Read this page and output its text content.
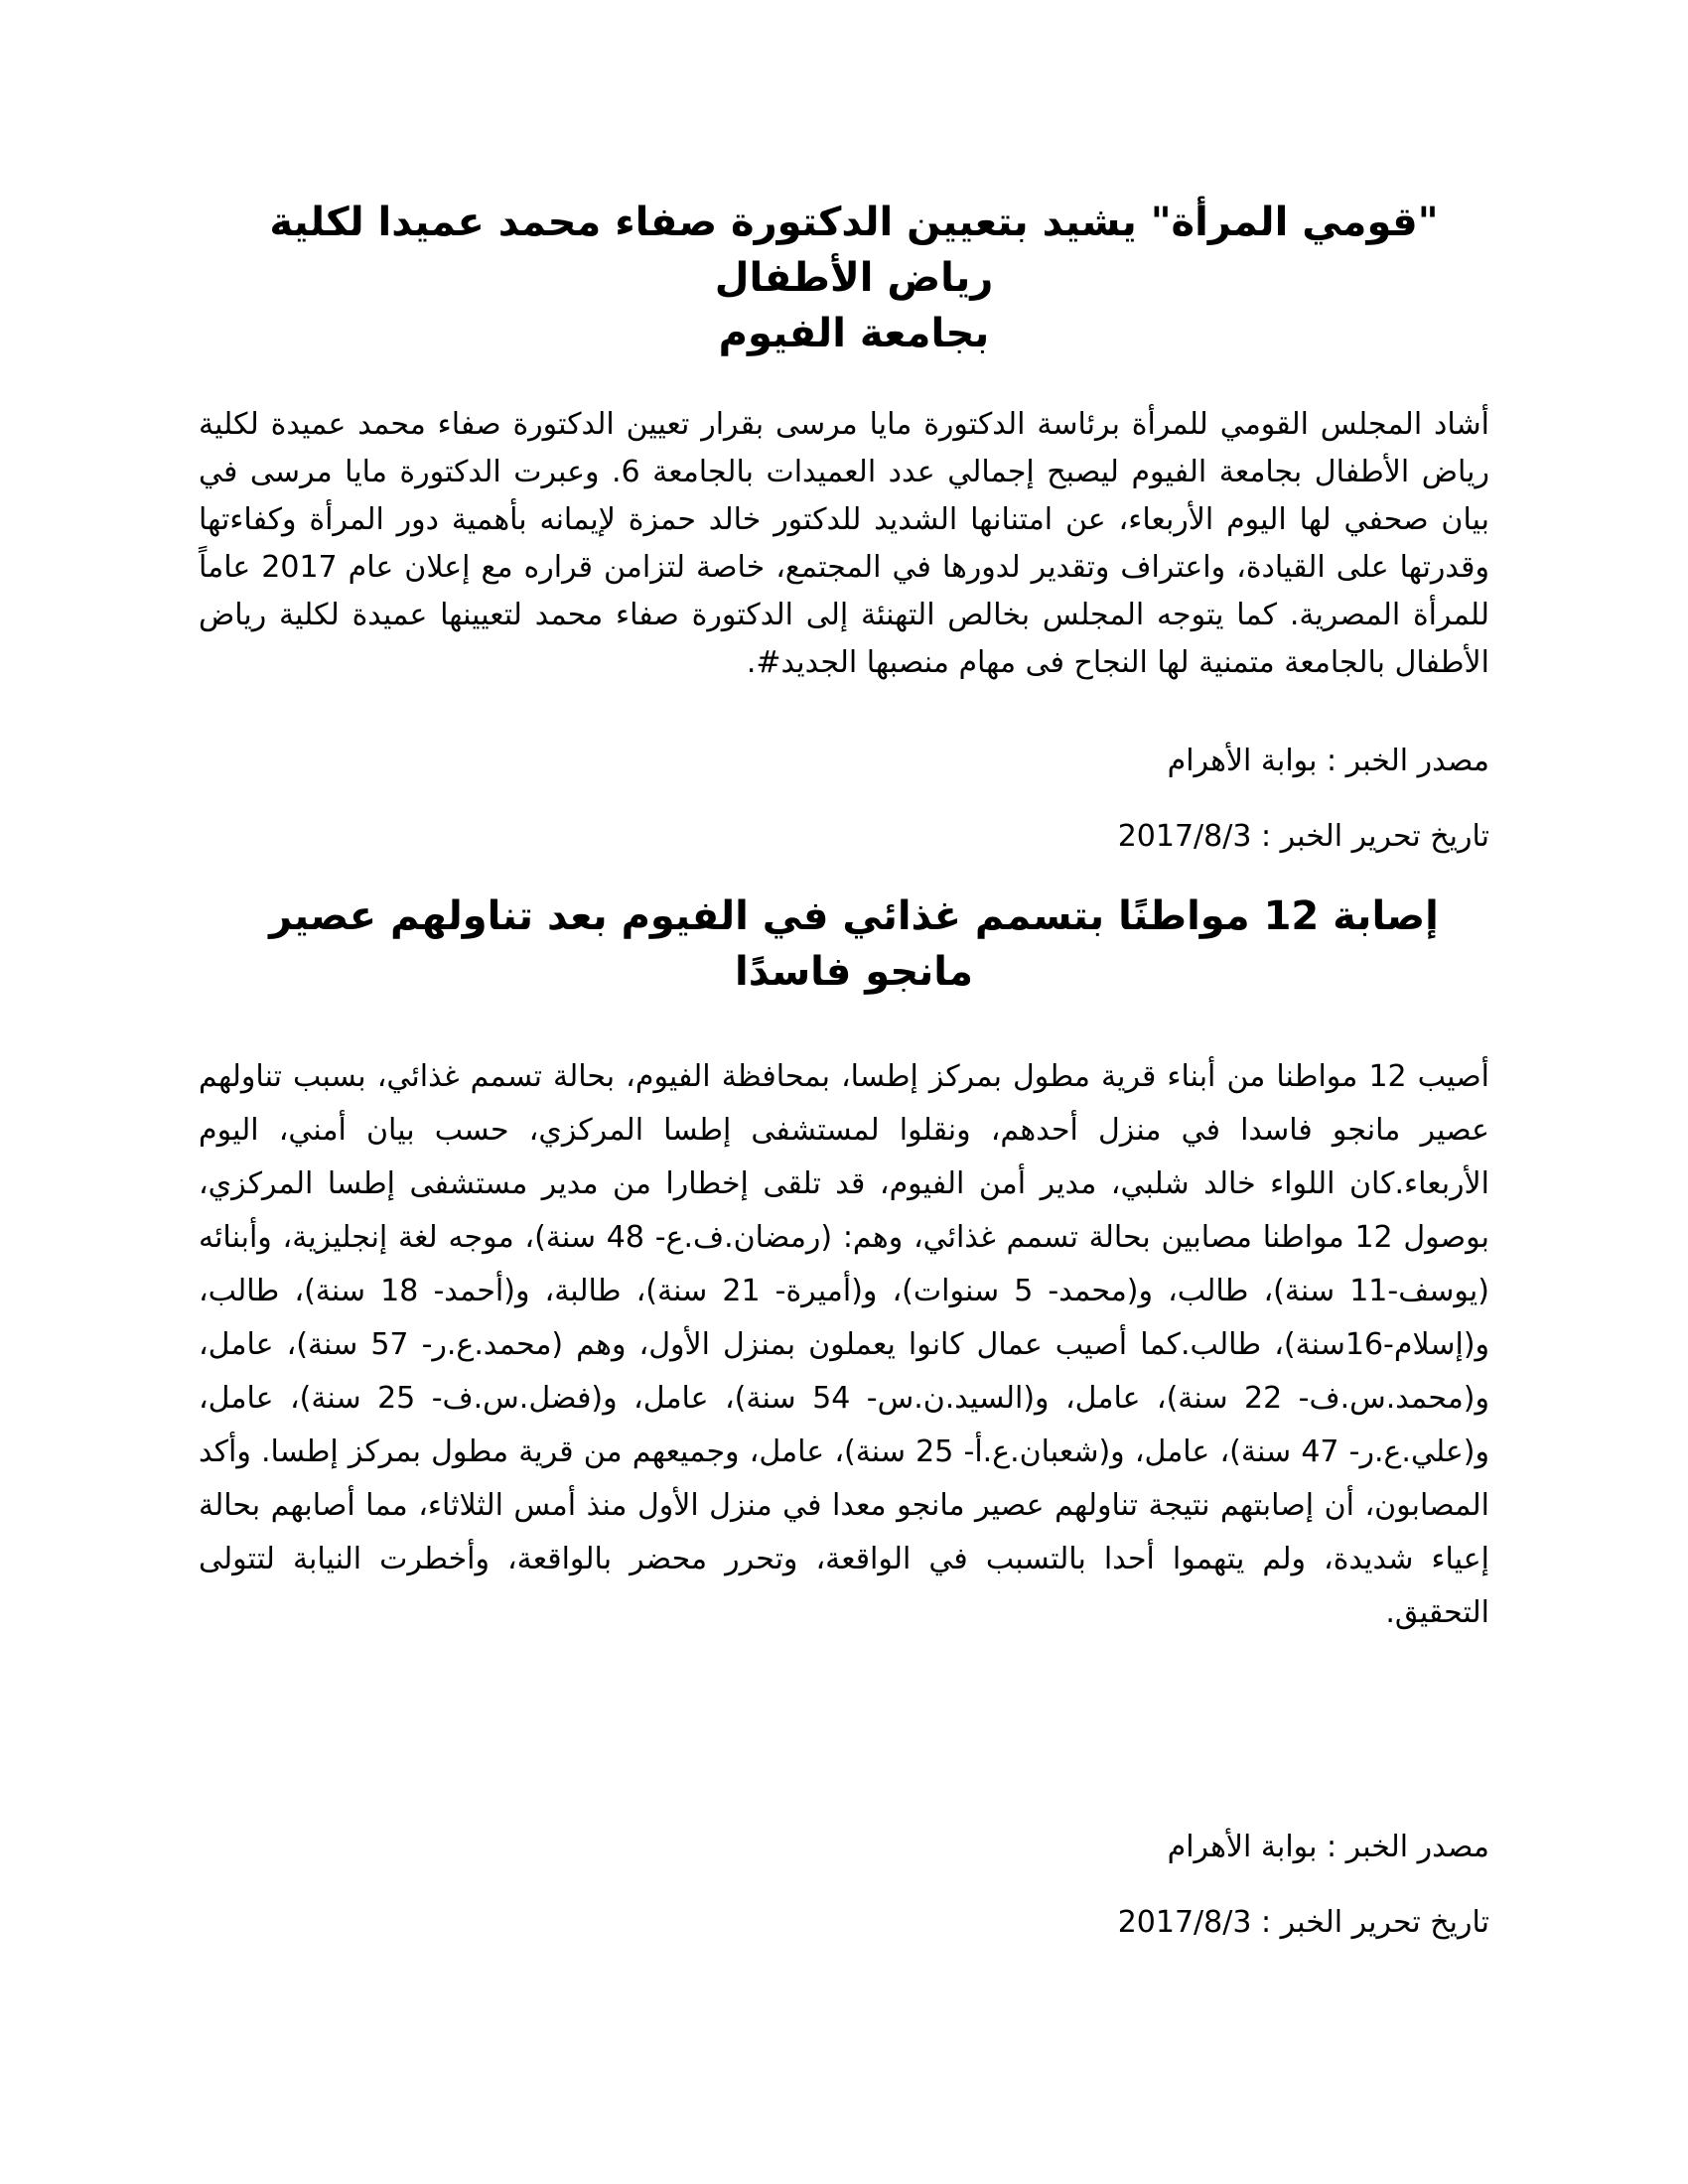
"قومي المرأة" يشيد بتعيين الدكتورة صفاء محمد عميدا لكلية رياض الأطفال
بجامعة الفيوم

أشاد المجلس القومي للمرأة برئاسة الدكتورة مايا مرسى بقرار تعيين الدكتورة صفاء محمد عميدة لكلية رياض الأطفال بجامعة الفيوم ليصبح إجمالي عدد العميدات بالجامعة 6. وعبرت الدكتورة مايا مرسى في بيان صحفي لها اليوم الأربعاء، عن امتنانها الشديد للدكتور خالد حمزة لإيمانه بأهمية دور المرأة وكفاءتها وقدرتها على القيادة، واعتراف وتقدير لدورها في المجتمع، خاصة لتزامن قراره مع إعلان عام 2017 عاماً للمرأة المصرية. كما يتوجه المجلس بخالص التهنئة إلى الدكتورة صفاء محمد لتعيينها عميدة لكلية رياض الأطفال بالجامعة متمنية لها النجاح فى مهام منصبها الجديد#.

مصدر الخبر : بوابة الأهرام

تاريخ تحرير الخبر : 2017/8/3

إصابة 12 مواطنًا بتسمم غذائي في الفيوم بعد تناولهم عصير مانجو فاسدًا

أصيب 12 مواطنا من أبناء قرية مطول بمركز إطسا، بمحافظة الفيوم، بحالة تسمم غذائي، بسبب تناولهم عصير مانجو فاسدا في منزل أحدهم، ونقلوا لمستشفى إطسا المركزي، حسب بيان أمني، اليوم الأربعاء.كان اللواء خالد شلبي، مدير أمن الفيوم، قد تلقى إخطارا من مدير مستشفى إطسا المركزي، بوصول 12 مواطنا مصابين بحالة تسمم غذائي، وهم: (رمضان.ف.ع- 48 سنة)، موجه لغة إنجليزية، وأبنائه (يوسف-11 سنة)، طالب، و(محمد- 5 سنوات)، و(أميرة- 21 سنة)، طالبة، و(أحمد- 18 سنة)، طالب، و(إسلام-16سنة)، طالب.كما أصيب عمال كانوا يعملون بمنزل الأول، وهم (محمد.ع.ر- 57 سنة)، عامل، و(محمد.س.ف- 22 سنة)، عامل، و(السيد.ن.س- 54 سنة)، عامل، و(فضل.س.ف- 25 سنة)، عامل، و(علي.ع.ر- 47 سنة)، عامل، و(شعبان.ع.أ- 25 سنة)، عامل، وجميعهم من قرية مطول بمركز إطسا. وأكد المصابون، أن إصابتهم نتيجة تناولهم عصير مانجو معدا في منزل الأول منذ أمس الثلاثاء، مما أصابهم بحالة إعياء شديدة، ولم يتهموا أحدا بالتسبب في الواقعة، وتحرر محضر بالواقعة، وأخطرت النيابة لتتولى التحقيق.

مصدر الخبر : بوابة الأهرام

تاريخ تحرير الخبر : 2017/8/3
